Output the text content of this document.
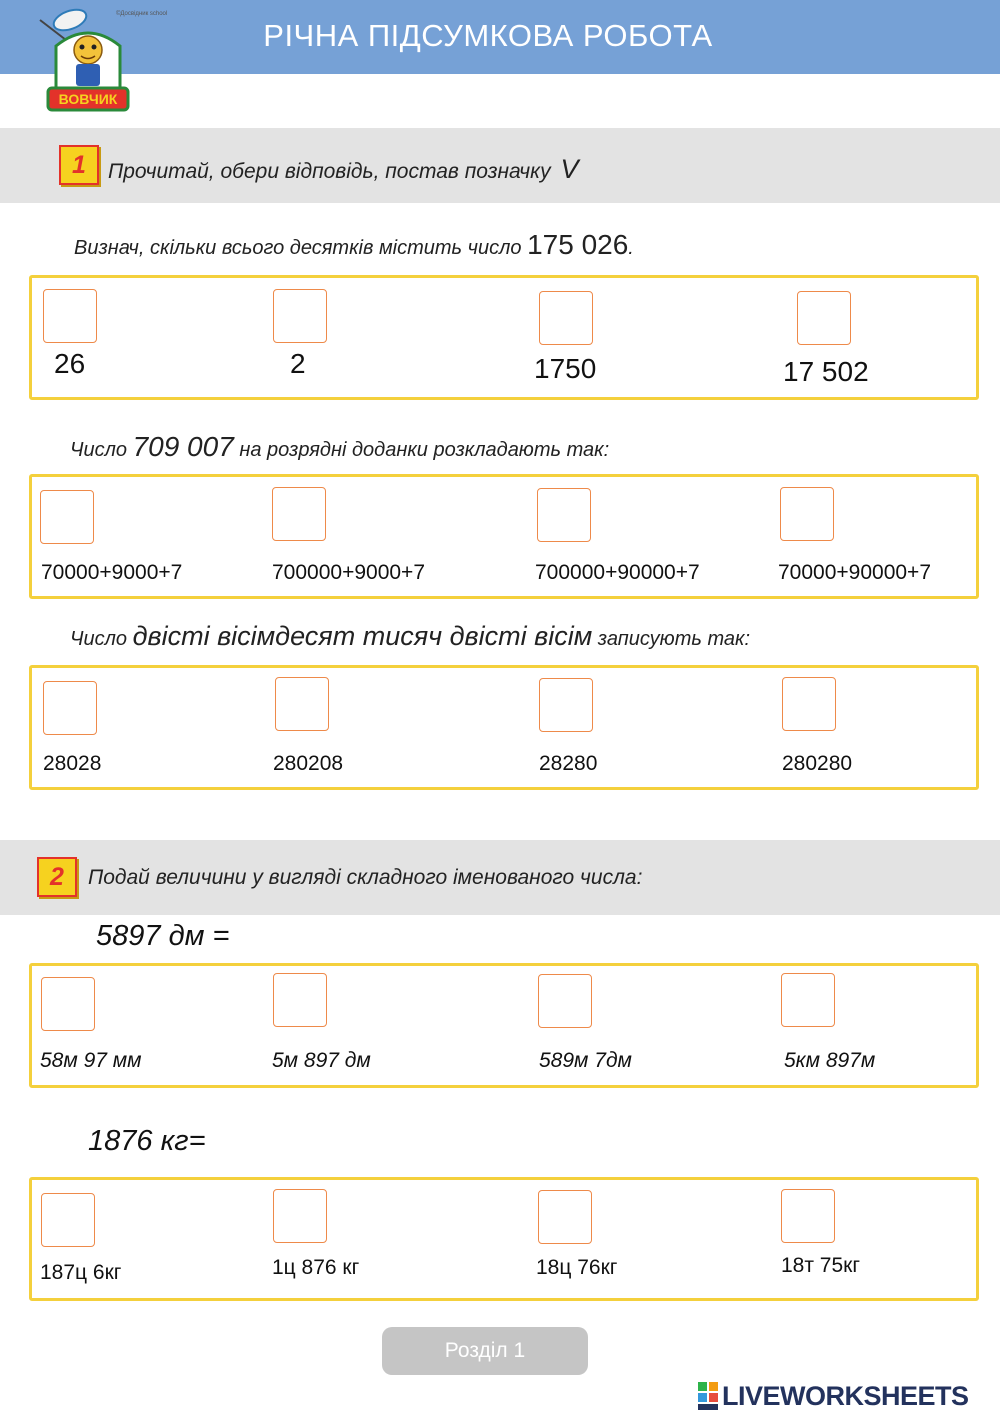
РІЧНА ПІДСУМКОВА РОБОТА
ВОВЧИК
©Досвідник school
1	Прочитай, обери відповідь, постав позначку V
Визнач, скільки всього десятків містить число 175 026.
26	2	1750	17 502
Число 709 007 на розрядні доданки розкладають так:
70000+9000+7	700000+9000+7	700000+90000+7	70000+90000+7
Число двісті вісімдесят тисяч двісті вісім записують так:
28028	280208	28280	280280
2	Подай величини у вигляді складного іменованого числа:
5897 дм =
58м 97 мм	5м 897 дм	589м 7дм	5км 897м
1876 кг=
187ц 6кг	1ц 876 кг	18ц 76кг	18т 75кг
Розділ 1
LIVEWORKSHEETS
